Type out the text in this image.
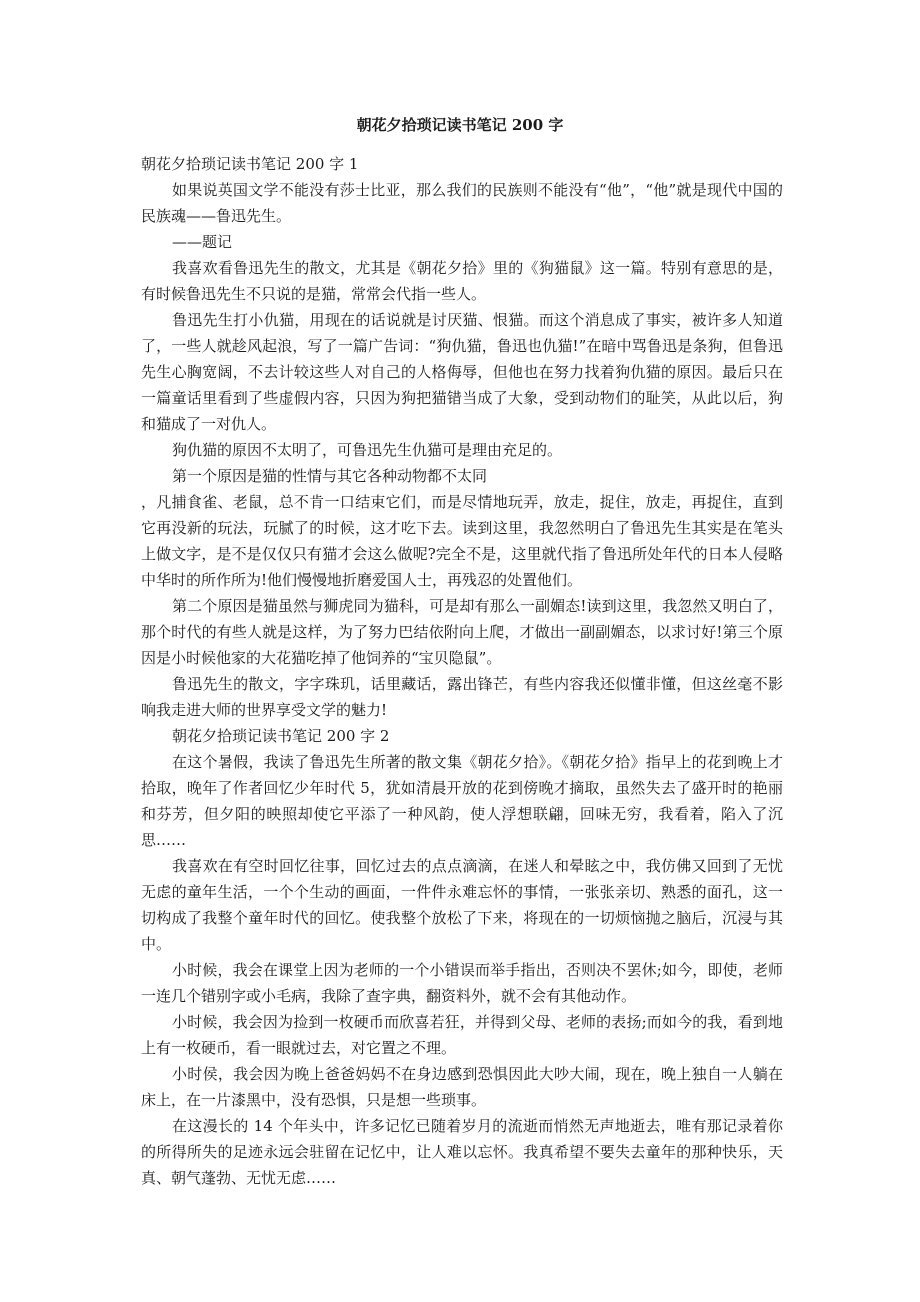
朝花夕拾琐记读书笔记 200 字

朝花夕拾琐记读书笔记 200 字 1

如果说英国文学不能没有莎士比亚，那么我们的民族则不能没有“他”，“他”就是现代中国的民族魂——鲁迅先生。

——题记

我喜欢看鲁迅先生的散文，尤其是《朝花夕拾》里的《狗猫鼠》这一篇。特别有意思的是，有时候鲁迅先生不只说的是猫，常常会代指一些人。

鲁迅先生打小仇猫，用现在的话说就是讨厌猫、恨猫。而这个消息成了事实，被许多人知道了，一些人就趁风起浪，写了一篇广告词：“狗仇猫，鲁迅也仇猫!”在暗中骂鲁迅是条狗，但鲁迅先生心胸宽阔，不去计较这些人对自己的人格侮辱，但他也在努力找着狗仇猫的原因。最后只在一篇童话里看到了些虚假内容，只因为狗把猫错当成了大象，受到动物们的耻笑，从此以后，狗和猫成了一对仇人。

狗仇猫的原因不太明了，可鲁迅先生仇猫可是理由充足的。

第一个原因是猫的性情与其它各种动物都不太同

，凡捕食雀、老鼠，总不肯一口结束它们，而是尽情地玩弄，放走，捉住，放走，再捉住，直到它再没新的玩法，玩腻了的时候，这才吃下去。读到这里，我忽然明白了鲁迅先生其实是在笔头上做文字，是不是仅仅只有猫才会这么做呢?完全不是，这里就代指了鲁迅所处年代的日本人侵略中华时的所作所为!他们慢慢地折磨爱国人士，再残忍的处置他们。

第二个原因是猫虽然与狮虎同为猫科，可是却有那么一副媚态!读到这里，我忽然又明白了，那个时代的有些人就是这样，为了努力巴结依附向上爬，才做出一副副媚态，以求讨好!第三个原因是小时候他家的大花猫吃掉了他饲养的“宝贝隐鼠”。

鲁迅先生的散文，字字珠玑，话里藏话，露出锋芒，有些内容我还似懂非懂，但这丝毫不影响我走进大师的世界享受文学的魅力!

朝花夕拾琐记读书笔记 200 字 2

在这个暑假，我读了鲁迅先生所著的散文集《朝花夕拾》。《朝花夕拾》指早上的花到晚上才拾取，晚年了作者回忆少年时代 5，犹如清晨开放的花到傍晚才摘取，虽然失去了盛开时的艳丽和芬芳，但夕阳的映照却使它平添了一种风韵，使人浮想联翩，回味无穷，我看着，陷入了沉思……

我喜欢在有空时回忆往事，回忆过去的点点滴滴，在迷人和晕眩之中，我仿佛又回到了无忧无虑的童年生活，一个个生动的画面，一件件永难忘怀的事情，一张张亲切、熟悉的面孔，这一切构成了我整个童年时代的回忆。使我整个放松了下来，将现在的一切烦恼抛之脑后，沉浸与其中。

小时候，我会在课堂上因为老师的一个小错误而举手指出，否则决不罢休;如今，即使，老师一连几个错别字或小毛病，我除了查字典，翻资料外，就不会有其他动作。

小时候，我会因为捡到一枚硬币而欣喜若狂，并得到父母、老师的表扬;而如今的我，看到地上有一枚硬币，看一眼就过去，对它置之不理。

小时侯，我会因为晚上爸爸妈妈不在身边感到恐惧因此大吵大闹，现在，晚上独自一人躺在床上，在一片漆黑中，没有恐惧，只是想一些琐事。

在这漫长的 14 个年头中，许多记忆已随着岁月的流逝而悄然无声地逝去，唯有那记录着你的所得所失的足迹永远会驻留在记忆中，让人难以忘怀。我真希望不要失去童年的那种快乐，天真、朝气蓬勃、无忧无虑……
